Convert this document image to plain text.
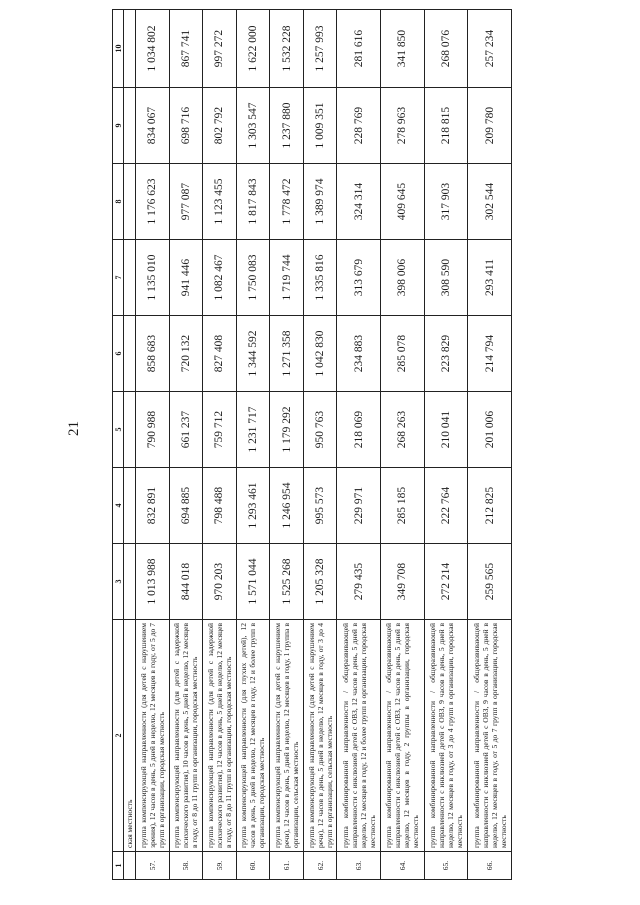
21
1	2	3	4	5	6	7	8	9	10
	ская местность								
57.	группа компенсирующей направленности (для детей с нарушением зрения), 12 часов в день, 5 дней в неделю, 12 месяцев в году, от 5 до 7 групп в организации, городская местность	1 013 988	832 891	790 988	858 683	1 135 010	1 176 623	834 067	1 034 802
58.	группа компенсирующей направленности (для детей с задержкой психического развития), 10 часов в день, 5 дней в неделю, 12 месяцев в году, от 8 до 11 групп в организации, городская местность	844 018	694 885	661 237	720 132	941 446	977 087	698 716	867 741
59.	группа компенсирующей направленности (для детей с задержкой психического развития), 12 часов в день, 5 дней в неделю, 12 месяцев в году, от 8 до 11 групп в организации, городская местность	970 203	798 488	759 712	827 408	1 082 467	1 123 455	802 792	997 272
60.	группа компенсирующей направленности (для глухих детей), 12 часов в день, 5 дней в неделю, 12 месяцев в году, 12 и более групп в организации, городская местность	1 571 044	1 293 461	1 231 717	1 344 592	1 750 083	1 817 843	1 303 547	1 622 000
61.	группа компенсирующей направленности (для детей с нарушением речи), 12 часов в день, 5 дней в неделю, 12 месяцев в году, 1 группа в организации, сельская местность	1 525 268	1 246 954	1 179 292	1 271 358	1 719 744	1 778 472	1 237 880	1 532 228
62.	группа компенсирующей направленности (для детей с нарушением речи), 12 часов в день, 5 дней в неделю, 12 месяцев в году, от 3 до 4 групп в организации, сельская местность	1 205 328	995 573	950 763	1 042 830	1 335 816	1 389 974	1 009 351	1 257 993
63.	группа комбинированной направленности / общеразвивающей направленности с инклюзией детей с ОВЗ, 12 часов в день, 5 дней в неделю, 12 месяцев в году, 12 и более групп в организации, городская местность	279 435	229 971	218 069	234 883	313 679	324 314	228 769	281 616
64.	группа комбинированной направленности / общеразвивающей направленности с инклюзией детей с ОВЗ, 12 часов в день, 5 дней в неделю, 12 месяцев в году, 2 группы в организации, городская местность	349 708	285 185	268 263	285 078	398 006	409 645	278 963	341 850
65.	группа комбинированной направленности / общеразвивающей направленности с инклюзией детей с ОВЗ, 9 часов в день, 5 дней в неделю, 12 месяцев в году, от 3 до 4 групп в организации, городская местность	272 214	222 764	210 041	223 829	308 590	317 903	218 815	268 076
66.	группа комбинированной направленности / общеразвивающей направленности с инклюзией детей с ОВЗ, 9 часов в день, 5 дней в неделю, 12 месяцев в году, от 5 до 7 групп в организации, городская местность	259 565	212 825	201 006	214 794	293 411	302 544	209 780	257 234
